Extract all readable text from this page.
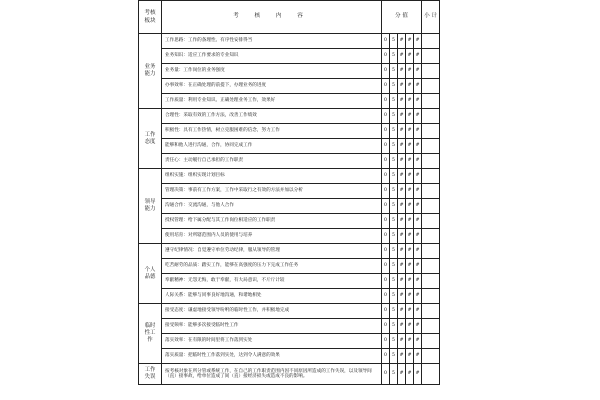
考核
板块	考 核 内 容	分 值					小 计
业务
能力	工作思路：工作的条理性、有序性安排得当	0	5	#	#	#	
	业务知识：适应工作要求的专业知识	0	5	#	#	#	
	业务量：工作岗位的业务强度	0	5	#	#	#	
	办事效率：在正确处理的前提下，办理业务的进度	0	5	#	#	#	
	工作质量：利用专业知识、正确处理业务工作，效果好	0	5	#	#	#	
工作
态度	合理性：采取有效的工作方法，改善工作绩效	0	5	#	#	#	
	积极性：具有工作热情，树立克服困难的信念，努力工作	0	5	#	#	#	
	能够和他人进行沟通，合作，协同完成工作	0	5	#	#	#	
	责任心：主动履行自己承担的工作职责	0	5	#	#	#	
领导
能力	组织实施：组织实现计划目标	0	5	#	#	#	
	管理决策：事前有工作方案，工作中采取行之有效的方法并加以分析	0	5	#	#	#	
	沟通合作：交流沟通，与他人合作	0	5	#	#	#	
	授权管理：给下属分配与其工作岗位相适应的工作职责	0	5	#	#	#	
	使用培育：对所辖范围内人员的使用与培养	0	5	#	#	#	
个人
品德	遵守纪律情况：自觉遵守单位劳动纪律，服从领导的管理	0	5	#	#	#	
	吃苦耐劳的品质：踏实工作，能够在高强度的压力下完成工作任务	0	5	#	#	#	
	奉献精神：无怨无悔，敢于奉献，有大局意识，不斤斤计较	0	5	#	#	#	
	人际关系：能够与同事良好地沟通，和谐地相处	0	5	#	#	#	
临时
性工
作	接受态度：谦虚地接受领导吩咐的临时性工作，并积极地完成	0	5	#	#	#	
	接受频率：能够多次接受临时性工作	0	5	#	#	#	
	落实效率：在有限的时间里将工作落到实处	0	5	#	#	#	
	落实质量：把临时性工作落到实处，达到令人满意的效果	0	5	#	#	#	
工作
失误	按考核对象在所分管或系统工作，在自己的工作职责范围内因不同原因所造成的工作失误，以及领导间（直）接事故，给单位造成了间（直）接经济损失或造成不良的影响。	0	5	#	#	#	
